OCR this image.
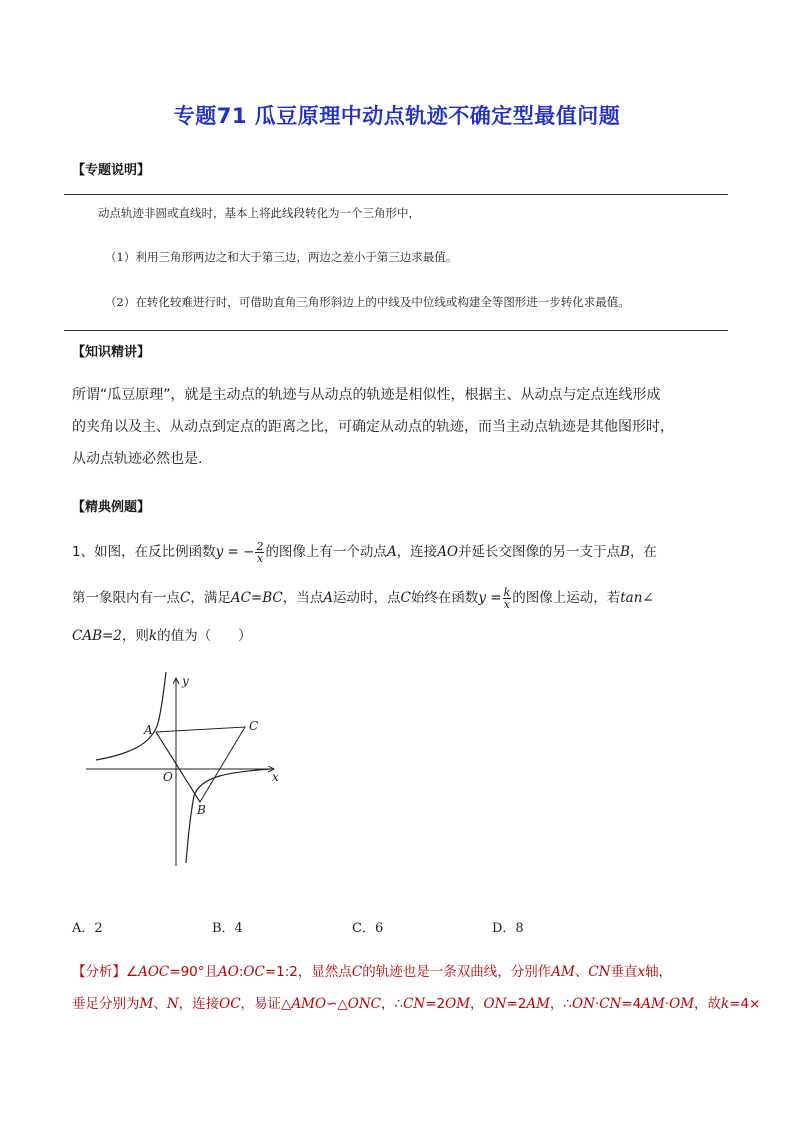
专题71 瓜豆原理中动点轨迹不确定型最值问题
【专题说明】
动点轨迹非圆或直线时，基本上将此线段转化为一个三角形中，
（1）利用三角形两边之和大于第三边，两边之差小于第三边求最值。
（2）在转化较难进行时，可借助直角三角形斜边上的中线及中位线或构建全等图形进一步转化求最值。
【知识精讲】
所谓“瓜豆原理”，就是主动点的轨迹与从动点的轨迹是相似性，根据主、从动点与定点连线形成
的夹角以及主、从动点到定点的距离之比，可确定从动点的轨迹，而当主动点轨迹是其他图形时，
从动点轨迹必然也是.
【精典例题】
1、如图，在反比例函数y = − $\frac{2}{x}$ 的图像上有一个动点A，连接AO并延长交图像的另一支于点B，在
第一象限内有一点C，满足AC=BC，当点A运动时，点C始终在函数$y = \frac{k}{x}$ 的图像上运动，若tan∠
CAB=2，则k的值为（　　）
x
y
O
A	C
B
A．2	B．4	C．6	D．8
【分析】∠AOC=90°且AO:OC=1:2，显然点C的轨迹也是一条双曲线，分别作AM、CN垂直x轴，
垂足分别为M、N，连接OC，易证△AMO∽△ONC，∴CN=2OM，ON=2AM，∴ON·CN=4AM·OM，故k=4×
